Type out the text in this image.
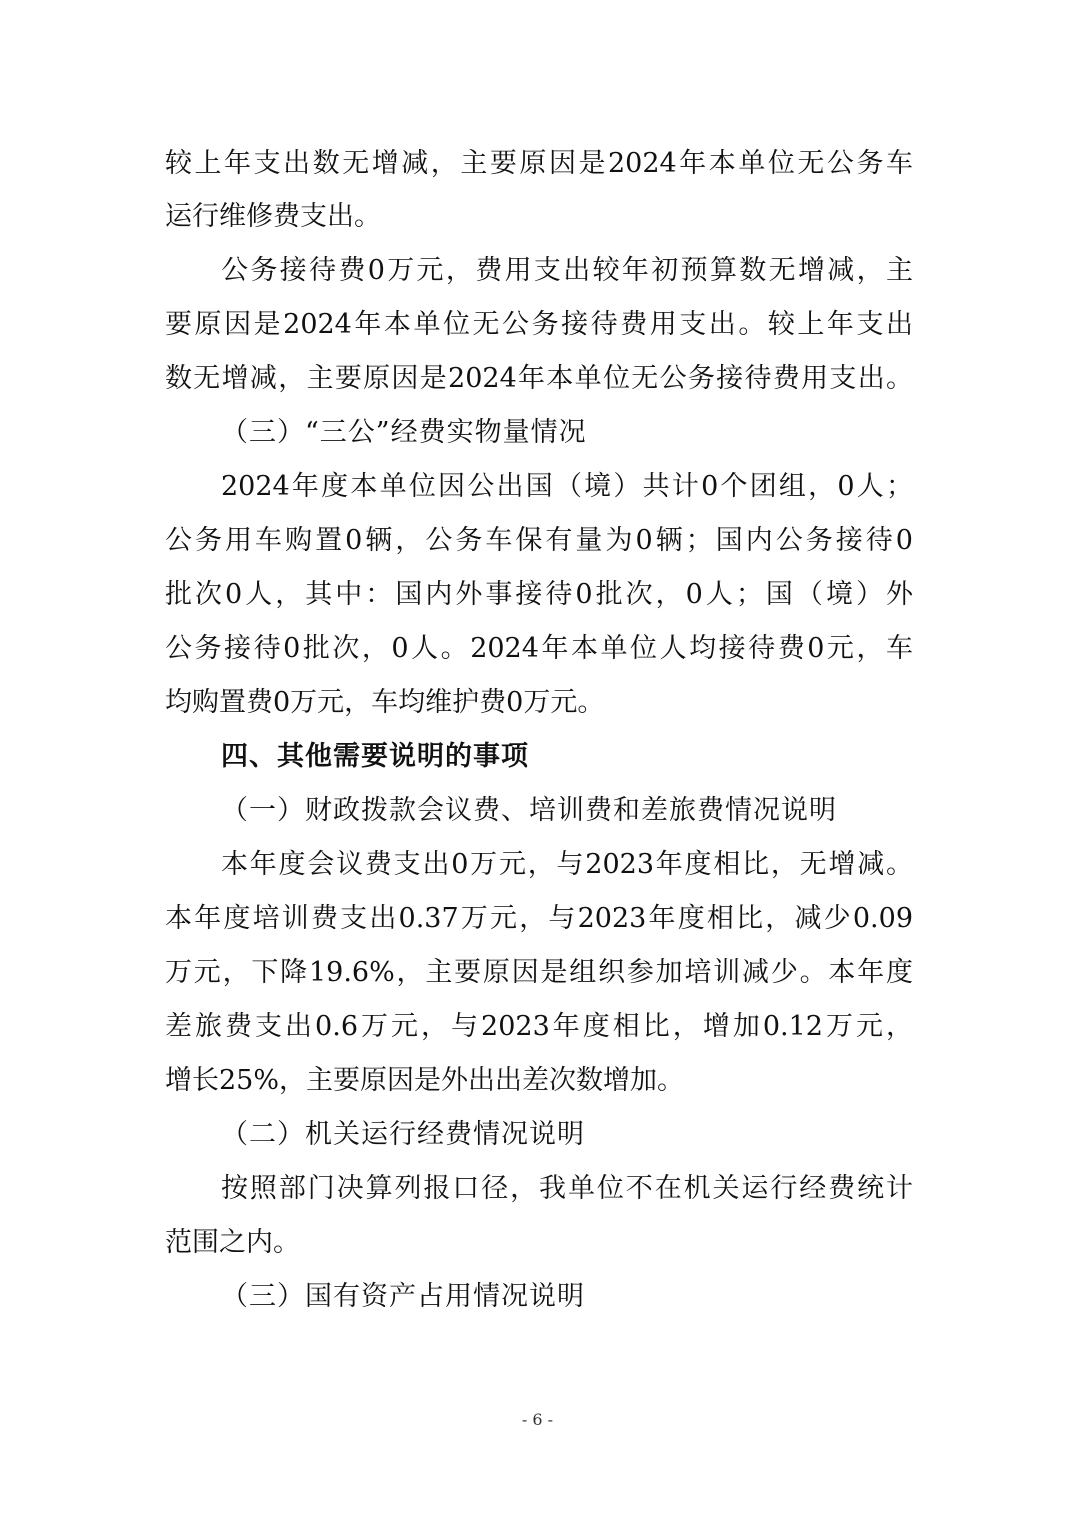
较上年支出数无增减，主要原因是2024年本单位无公务车
运行维修费支出。
公务接待费0万元，费用支出较年初预算数无增减，主
要原因是2024年本单位无公务接待费用支出。较上年支出
数无增减，主要原因是2024年本单位无公务接待费用支出。
（三）“三公”经费实物量情况
2024年度本单位因公出国（境）共计0个团组，0人；
公务用车购置0辆，公务车保有量为0辆；国内公务接待0
批次0人，其中：国内外事接待0批次，0人；国（境）外
公务接待0批次，0人。2024年本单位人均接待费0元，车
均购置费0万元，车均维护费0万元。
四、其他需要说明的事项
（一）财政拨款会议费、培训费和差旅费情况说明
本年度会议费支出0万元，与2023年度相比，无增减。
本年度培训费支出0.37万元，与2023年度相比，减少0.09
万元，下降19.6%，主要原因是组织参加培训减少。本年度
差旅费支出0.6万元，与2023年度相比，增加0.12万元，
增长25%，主要原因是外出出差次数增加。
（二）机关运行经费情况说明
按照部门决算列报口径，我单位不在机关运行经费统计
范围之内。
（三）国有资产占用情况说明
- 6 -
